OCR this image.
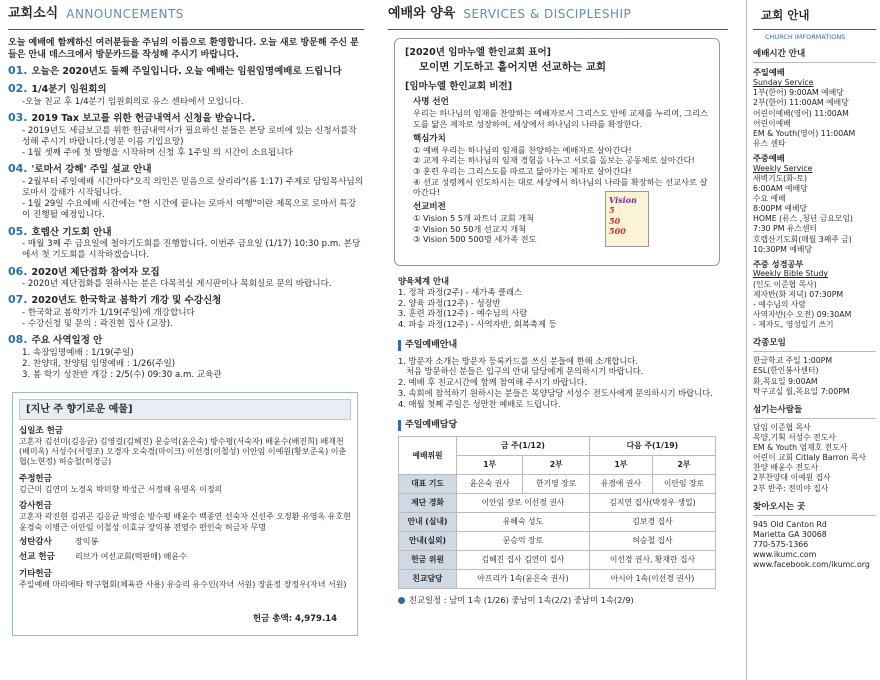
교회소식 ANNOUNCEMENTS
오늘 예배에 함께하신 여러분들을 주님의 이름으로 환영합니다. 오늘 새로 방문해 주신 분들은 안내 데스크에서 방문카드를 작성해 주시기 바랍니다.
01. 오늘은 2020년도 둘째 주일입니다. 오늘 예배는 임원임명예배로 드립니다
02. 1/4분기 임원회의
-오늘 친교 후 1/4분기 임원회의로 유스 센타에서 모입니다.
03. 2019 Tax 보고를 위한 헌금내역서 신청을 받습니다.
- 2019년도 세금보고를 위한 헌금내역서가 필요하신 분들은 본당 로비에 있는 신청서를작성해 주시기 바랍니다.(영문 이름 기입요망)
- 1월 셋째 주에 첫 발행을 시작하며 신청 후 1주일 의 시간이 소요됩니다
04. '로마서 강해' 주일 설교 안내
- 2월부터 주일예배 시간마다"오직 의인은 믿음으로 살리라"(롬 1:17) 주제로 담임목사님의 로마서 강해가 시작됩니다.
- 1월 29일 수요예배 시간에는 "한 시간에 끝나는 로마서 여행"이란 제목으로 로마서 특강이 진행될 예정입니다.
05. 호렙산 기도회 안내
- 매월 3째 주 금요일에 철야기도회를 진행합니다. 이번주 금요일 (1/17) 10:30 p.m. 본당에서 첫 기도회를 시작하겠습니다.
06. 2020년 제단접화 참여자 모집
- 2020년 제단접화를 원하시는 분은 다목적실 게시판이나 목회실로 문의 바랍니다.
07. 2020년도 한국학교 봄학기 개강 및 수강신청
- 한국학교 봄학기가 1/19(주일)에 개강합니다
- 수강신청 및 문의 : 곽진현 집사 (교장).
08. 주요 사역일정 안
1. 속장임명예배 : 1/19(주일)
2. 찬양대, 찬양팀 임명예배 : 1/26(주일)
3. 봄 학기 성찬반 개강 : 2/5(수) 09:30 a.m. 교육관
[지난 주 향기로운 예물]
십일조 헌금
고혼자 김선미(김응균) 김영걸(김혜진) 문승억(윤은숙) 방수평(서숙자) 배윤수(배진희) 배재천(배미옥) 서성수(서영조) 오경자 오숙경(마이크) 이선경(이철성) 이안임 이예원(황보준욱) 이춘협(노현정) 허승철(허경금)
주정헌금
김근미 김연미 노경욱 박미향 박성근 서정해 유영옥 이정의
감사헌금
고혼자 곽진현 김귀곤 김응균 박영순 방수평 배윤수 백종연 선숙자 신선주 오정환 유영옥 유호현 윤경숙 이병근 이안임 이철성 이효규 장익봉 전영수 편인숙 허금자 무명
성탄감사	장익봉
선교 헌금	리브가 여선교회(떡판매) 배윤수
기타헌금
주일예배 마리에타 탁구협회(체육관 사용) 유승리 유수인(자녀 서원) 장윤정 장정우(자녀 서원)
헌금 총액: 4,979.14
예배와 양육 SERVICES & DISCIPLESHIP
[2020년 임마누엘 한인교회 표어]
모이면 기도하고 흩어지면 선교하는 교회
[임마누엘 한인교회 비전]
사명 선언
우리는 하나님의 임재를 찬양하는 예배자로서 그리스도 안에 교제를 누리며, 그리스도를 닮은 제자로 성장하여, 세상에서 하나님의 나라를 확장한다.
핵심가치
① 예배 우리는 하나님의 임재를 찬양하는 예배자로 살아간다!
② 교제 우리는 하나님의 임재 경험을 나누고 서로를 돌보는 공동체로 살아간다!
③ 훈련 우리는 그리스도를 따르고 닮아가는 제자로 살아간다!
④ 선교 성령께서 인도하시는 대로 세상에서 하나님의 나라를 확장하는 선교사로 살아간다!
선교비전
① Vision 5 5개 파트너 교회 개척
② Vision 50 50개 선교지 개척
③ Vision 500 500명 새가족 전도
Vision
5
50
500
양육체계 안내
1. 정착 과정(2주) - 새가족 클래스
2. 양육 과정(12주) - 성장반
3. 훈련 과정(12주) - 예수님의 사람
4. 파송 과정(12주) - 사역자반, 회복축제 등
주일예배안내
1. 방문자 소개는 방문자 등록카드를 쓰신 분들에 한해 소개합니다.
처음 방문하신 분들은 입구의 안내 담당에게 문의하시기 바랍니다.
2. 예배 후 친교시간에 함께 참여해 주시기 바랍니다.
3. 속회에 참석하기 원하시는 분들은 목양담당 서성수 전도사에게 문의하시기 바랍니다.
4. 매월 첫째 주일은 성만찬 예배로 드립니다.
주일예배담당
예배위원	금 주(1/12)		다음 주(1/19)	
	1부	2부	1부	2부
대표 기도	윤은숙 권사	한기영 장로	유경애 권사	이안임 장로
제단 경화	이안임 장로 이선경 권사		김지연 집사(박정우 생일)	
안내 (실내)	유혜숙 성도		김보경 집사	
안내(실외)	문승억 장로		허승철 집사	
헌금 위원	김혜진 집사 김연미 집사		이선경 권사, 황재란 집사	
친교담당	아프리카 1속(윤은숙 권사)		아시아 1속(이선경 권사)	
친교일정 : 남미 1속 (1/26) 중남미 1속(2/2) 중남미 1속(2/9)
교회 안내
CHURCH IMFORMATIONS
예배시간 안내
주일예배
Sunday Service
1부(한어) 9:00AM 예배당
2부(한어) 11:00AM 예배당
어린이예배(영어) 11:00AM
어린이예배
EM & Youth(영어) 11:00AM
유스 센타
주중예배
Weekly Service
새벽기도(화-토)
6:00AM 예배당
수요 예배
8:00PM 예배당
HOME (유스 ,청년 금요모임)
7:30 PM 유스센터
호렙산기도회(매월 3째주 금)
10:30PM 예배당
주중 성경공부
Weekly Bible Study
(인도 이준협 목사)
제자반(화 저녁) 07:30PM
- 예수님의 사람
사역자반(수 오전) 09:30AM
- 제자도, 영성일기 쓰기
각종모임
한글학교 주일 1:00PM
ESL(한인봉사센터)
화,목요일 9:00AM
탁구교실 월,목요일 7:00PM
섬기는사람들
담임 이준협 목사
목양,기획 서성수 전도사
EM & Youth 엄재호 전도사
어린이 교회 Citlaly Barron 목사
찬양 배윤수 전도사
2부찬양대 이예원 집사
2부 반주: 전미야 집사
찾아오시는 곳
945 Old Canton Rd
Marietta GA 30068
770-575-1366
www.ikumc.com
www.facebook.com/ikumc.org
